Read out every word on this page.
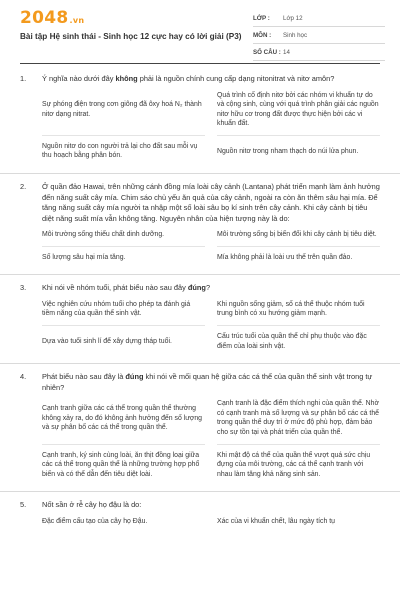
2048.vn
Bài tập Hệ sinh thái - Sinh học 12 cực hay có lời giải (P3)
LỚP :	Lớp 12
MÔN :	Sinh học
SỐ CÂU : 14
1.	Ý nghĩa nào dưới đây không phải là nguồn chính cung cấp dạng nitonitrat và nitơ amôn?
Sự phóng điện trong cơn giông đã ôxy hoá N₂ thành nitơ dạng nitrat.
Quá trình cố định nitơ bởi các nhóm vi khuẩn tự do và cộng sinh, cùng với quá trình phân giải các nguồn nitơ hữu cơ trong đất được thực hiện bởi các vi khuẩn đất.
Nguồn nitơ do con người trả lại cho đất sau mỗi vụ thu hoạch bằng phân bón.
Nguồn nitơ trong nham thạch do núi lửa phun.
2.	Ở quần đảo Hawai, trên những cánh đồng mía loài cây cảnh (Lantana) phát triển mạnh làm ảnh hưởng đến năng suất cây mía. Chim sáo chủ yếu ăn quả của cây cảnh, ngoài ra còn ăn thêm sâu hại mía. Để tăng năng suất cây mía người ta nhập một số loài sâu bọ kí sinh trên cây cảnh. Khi cây cảnh bị tiêu diệt năng suất mía vẫn không tăng. Nguyên nhân của hiện tượng này là do:
Môi trường sống thiếu chất dinh dưỡng.	Môi trường sống bị biến đổi khi cây cảnh bị tiêu diệt.
Số lượng sâu hại mía tăng.	Mía không phải là loài ưu thế trên quần đảo.
3.	Khi nói về nhóm tuổi, phát biểu nào sau đây đúng?
Việc nghiên cứu nhóm tuổi cho phép ta đánh giá tiềm năng của quần thể sinh vật.
Khi nguồn sống giảm, số cá thể thuộc nhóm tuổi trung bình có xu hướng giảm mạnh.
Dựa vào tuổi sinh lí để xây dựng tháp tuổi.
Cấu trúc tuổi của quần thể chỉ phụ thuộc vào đặc điểm của loài sinh vật.
4.	Phát biểu nào sau đây là đúng khi nói về mối quan hệ giữa các cá thể của quần thể sinh vật trong tự nhiên?
Cạnh tranh giữa các cá thể trong quần thể thường không xảy ra, do đó không ảnh hưởng đến số lượng và sự phân bố các cá thể trong quần thể.
Cạnh tranh là đặc điểm thích nghi của quần thể. Nhờ có cạnh tranh mà số lượng và sự phân bố các cá thể trong quần thể duy trì ở mức độ phù hợp, đảm bảo cho sự tồn tại và phát triển của quần thể.
Cạnh tranh, ký sinh cùng loài, ăn thịt đồng loại giữa các cá thể trong quần thể là những trường hợp phổ biến và có thể dẫn đến tiêu diệt loài.
Khi mật độ cá thể của quần thể vượt quá sức chịu đựng của môi trường, các cá thể cạnh tranh với nhau làm tăng khả năng sinh sản.
5.	Nốt sần ở rễ cây họ đậu là do:
Đặc điểm cấu tạo của cây họ Đậu.	Xác của vi khuẩn chết, lâu ngày tích tụ
